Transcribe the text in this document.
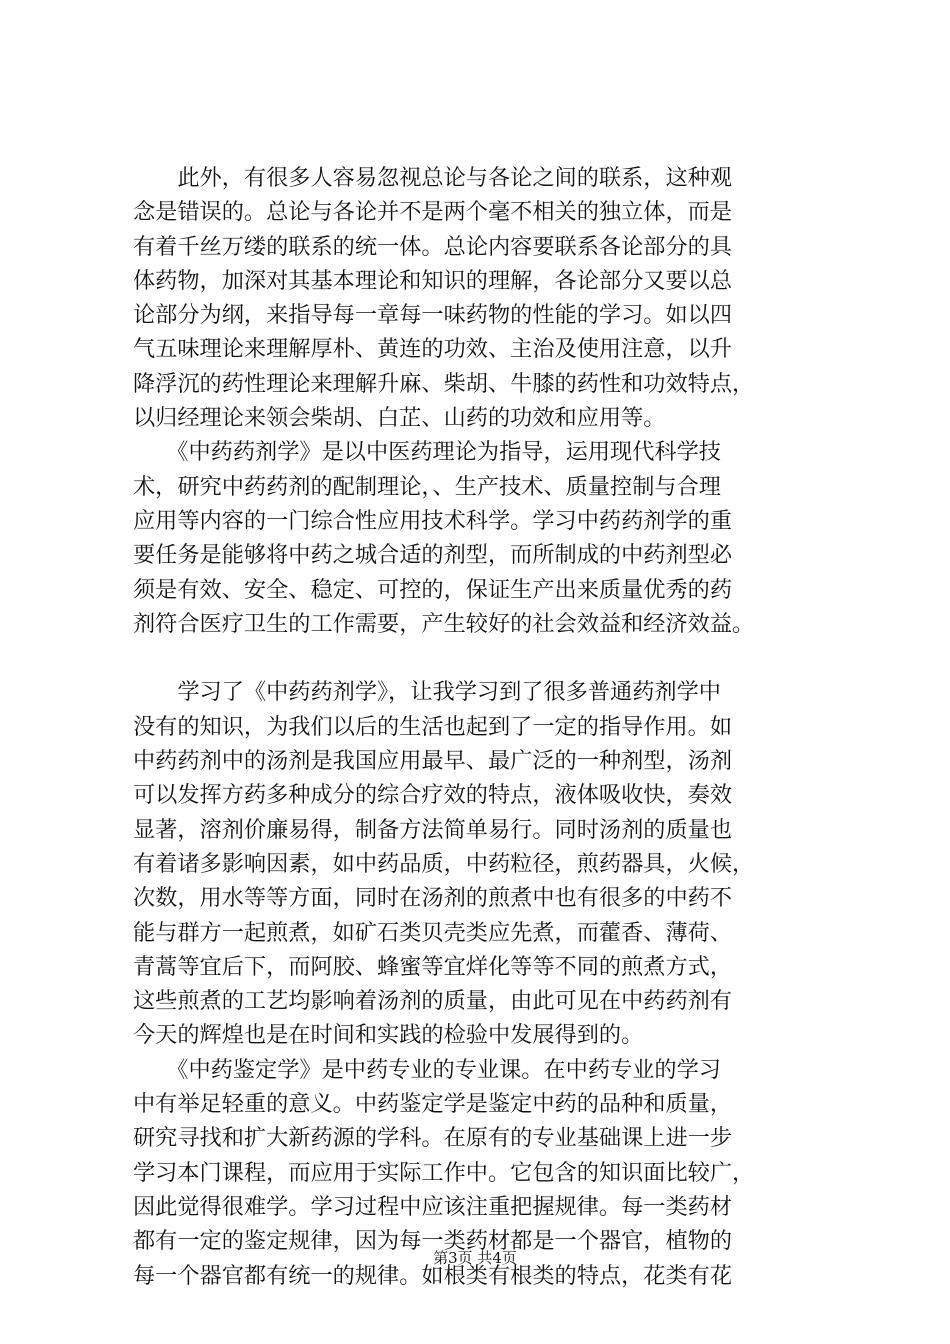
　　此外，有很多人容易忽视总论与各论之间的联系，这种观
念是错误的。总论与各论并不是两个毫不相关的独立体，而是
有着千丝万缕的联系的统一体。总论内容要联系各论部分的具
体药物，加深对其基本理论和知识的理解，各论部分又要以总
论部分为纲，来指导每一章每一味药物的性能的学习。如以四
气五味理论来理解厚朴、黄连的功效、主治及使用注意，以升
降浮沉的药性理论来理解升麻、柴胡、牛膝的药性和功效特点，
以归经理论来领会柴胡、白芷、山药的功效和应用等。
　　《中药药剂学》是以中医药理论为指导，运用现代科学技
术，研究中药药剂的配制理论，、生产技术、质量控制与合理
应用等内容的一门综合性应用技术科学。学习中药药剂学的重
要任务是能够将中药之城合适的剂型，而所制成的中药剂型必
须是有效、安全、稳定、可控的，保证生产出来质量优秀的药
剂符合医疗卫生的工作需要，产生较好的社会效益和经济效益。
　　学习了《中药药剂学》，让我学习到了很多普通药剂学中
没有的知识，为我们以后的生活也起到了一定的指导作用。如
中药药剂中的汤剂是我国应用最早、最广泛的一种剂型，汤剂
可以发挥方药多种成分的综合疗效的特点，液体吸收快，奏效
显著，溶剂价廉易得，制备方法简单易行。同时汤剂的质量也
有着诸多影响因素，如中药品质，中药粒径，煎药器具，火候，
次数，用水等等方面，同时在汤剂的煎煮中也有很多的中药不
能与群方一起煎煮，如矿石类贝壳类应先煮，而藿香、薄荷、
青蒿等宜后下，而阿胶、蜂蜜等宜烊化等等不同的煎煮方式，
这些煎煮的工艺均影响着汤剂的质量，由此可见在中药药剂有
今天的辉煌也是在时间和实践的检验中发展得到的。
　　《中药鉴定学》是中药专业的专业课。在中药专业的学习
中有举足轻重的意义。中药鉴定学是鉴定中药的品种和质量，
研究寻找和扩大新药源的学科。在原有的专业基础课上进一步
学习本门课程，而应用于实际工作中。它包含的知识面比较广，
因此觉得很难学。学习过程中应该注重把握规律。每一类药材
都有一定的鉴定规律，因为每一类药材都是一个器官，植物的
每一个器官都有统一的规律。如根类有根类的特点，花类有花
第3页 共4页
